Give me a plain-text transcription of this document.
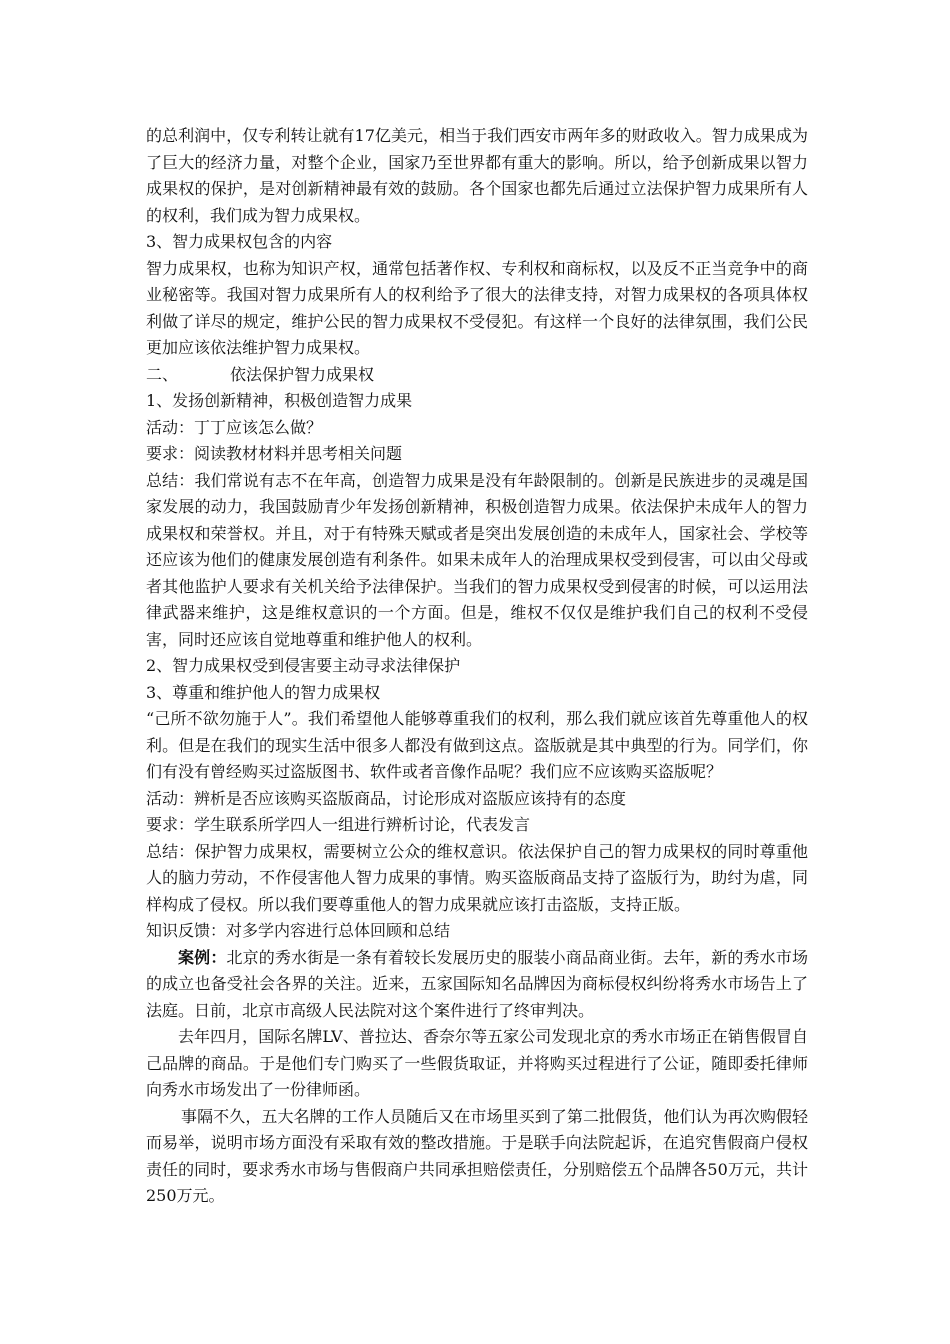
的总利润中，仅专利转让就有17亿美元，相当于我们西安市两年多的财政收入。智力成果成为了巨大的经济力量，对整个企业，国家乃至世界都有重大的影响。所以，给予创新成果以智力成果权的保护，是对创新精神最有效的鼓励。各个国家也都先后通过立法保护智力成果所有人的权利，我们成为智力成果权。

3、智力成果权包含的内容

智力成果权，也称为知识产权，通常包括著作权、专利权和商标权，以及反不正当竞争中的商业秘密等。我国对智力成果所有人的权利给予了很大的法律支持，对智力成果权的各项具体权利做了详尽的规定，维护公民的智力成果权不受侵犯。有这样一个良好的法律氛围，我们公民更加应该依法维护智力成果权。

二、	依法保护智力成果权

1、发扬创新精神，积极创造智力成果

活动：丁丁应该怎么做？

要求：阅读教材材料并思考相关问题

总结：我们常说有志不在年高，创造智力成果是没有年龄限制的。创新是民族进步的灵魂是国家发展的动力，我国鼓励青少年发扬创新精神，积极创造智力成果。依法保护未成年人的智力成果权和荣誉权。并且，对于有特殊天赋或者是突出发展创造的未成年人，国家社会、学校等还应该为他们的健康发展创造有利条件。如果未成年人的治理成果权受到侵害，可以由父母或者其他监护人要求有关机关给予法律保护。当我们的智力成果权受到侵害的时候，可以运用法律武器来维护，这是维权意识的一个方面。但是，维权不仅仅是维护我们自己的权利不受侵害，同时还应该自觉地尊重和维护他人的权利。

2、智力成果权受到侵害要主动寻求法律保护

3、尊重和维护他人的智力成果权

“己所不欲勿施于人”。我们希望他人能够尊重我们的权利，那么我们就应该首先尊重他人的权利。但是在我们的现实生活中很多人都没有做到这点。盗版就是其中典型的行为。同学们，你们有没有曾经购买过盗版图书、软件或者音像作品呢？我们应不应该购买盗版呢？

活动：辨析是否应该购买盗版商品，讨论形成对盗版应该持有的态度

要求：学生联系所学四人一组进行辨析讨论，代表发言

总结：保护智力成果权，需要树立公众的维权意识。依法保护自己的智力成果权的同时尊重他人的脑力劳动，不作侵害他人智力成果的事情。购买盗版商品支持了盗版行为，助纣为虐，同样构成了侵权。所以我们要尊重他人的智力成果就应该打击盗版，支持正版。

知识反馈：对多学内容进行总体回顾和总结

案例：北京的秀水街是一条有着较长发展历史的服装小商品商业街。去年，新的秀水市场的成立也备受社会各界的关注。近来，五家国际知名品牌因为商标侵权纠纷将秀水市场告上了法庭。日前，北京市高级人民法院对这个案件进行了终审判决。

去年四月，国际名牌LV、普拉达、香奈尔等五家公司发现北京的秀水市场正在销售假冒自己品牌的商品。于是他们专门购买了一些假货取证，并将购买过程进行了公证，随即委托律师向秀水市场发出了一份律师函。

事隔不久，五大名牌的工作人员随后又在市场里买到了第二批假货，他们认为再次购假轻而易举，说明市场方面没有采取有效的整改措施。于是联手向法院起诉，在追究售假商户侵权责任的同时，要求秀水市场与售假商户共同承担赔偿责任，分别赔偿五个品牌各50万元，共计250万元。
